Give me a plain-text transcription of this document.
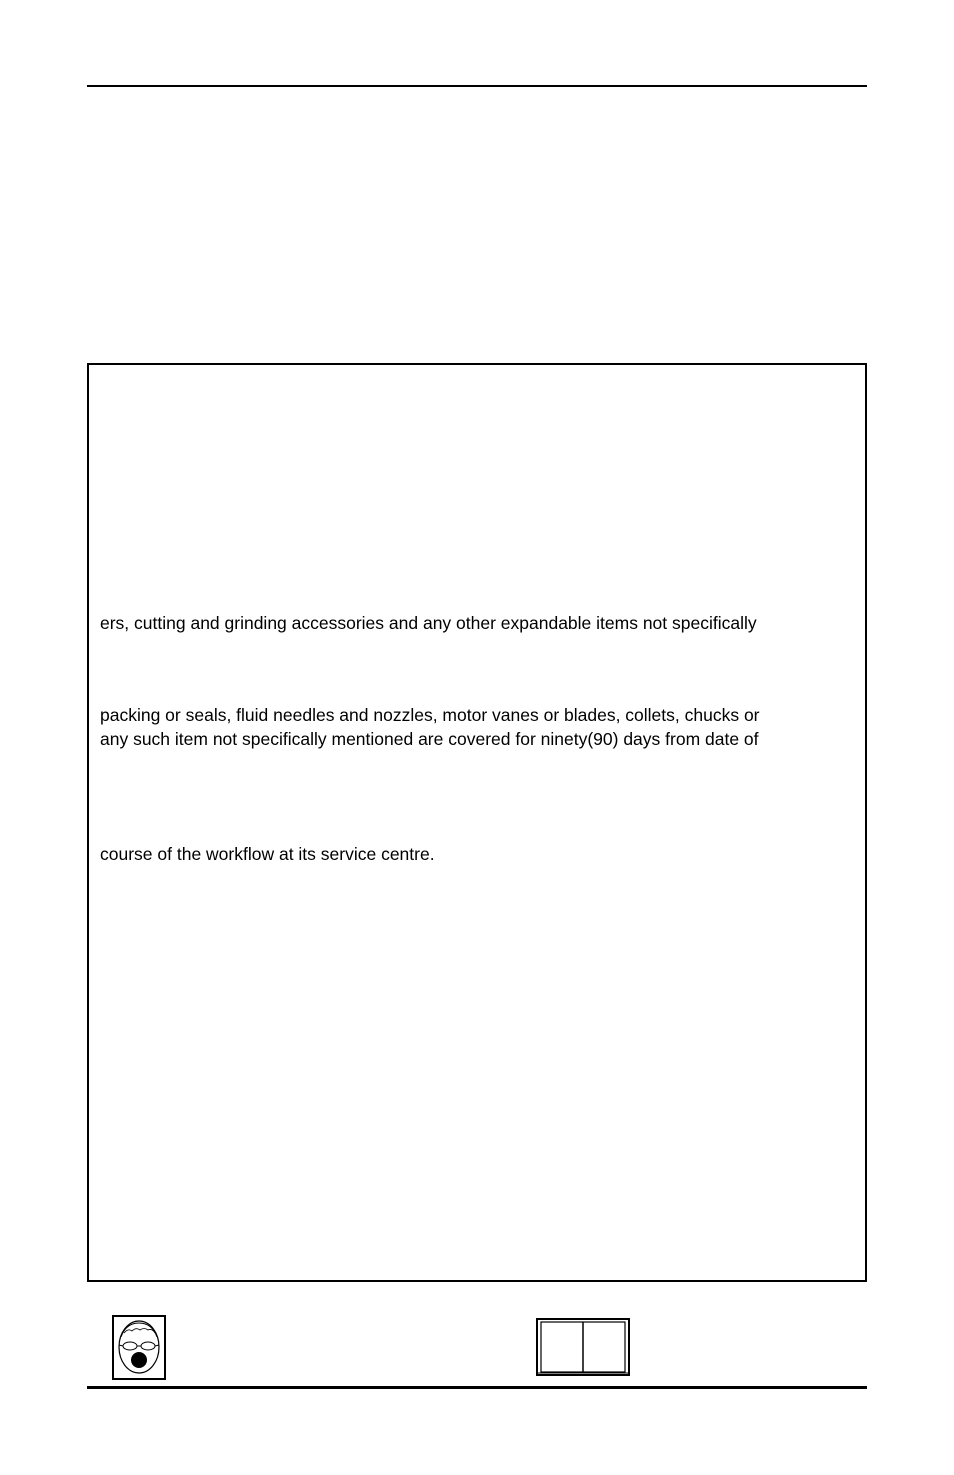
ers, cutting and grinding accessories and any other expandable items not specifically
packing or seals, fluid needles and nozzles, motor vanes or blades, collets, chucks or
any such item not specifically mentioned are covered for ninety(90) days from date of
course of the workflow at its service centre.
